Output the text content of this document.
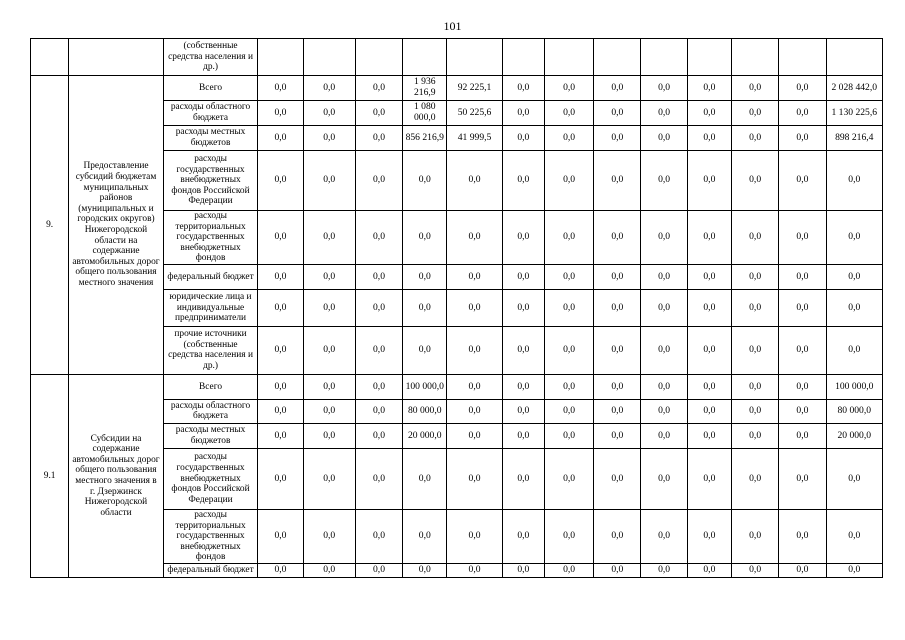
101
		(собственные средства населения и др.)													
9.	Предоставление субсидий бюджетам муниципальных районов (муниципальных и городских округов) Нижегородской области на содержание автомобильных дорог общего пользования местного значения	Всего	0,0	0,0	0,0	1 936 216,9	92 225,1	0,0	0,0	0,0	0,0	0,0	0,0	0,0	2 028 442,0
		расходы областного бюджета	0,0	0,0	0,0	1 080 000,0	50 225,6	0,0	0,0	0,0	0,0	0,0	0,0	0,0	1 130 225,6
		расходы местных бюджетов	0,0	0,0	0,0	856 216,9	41 999,5	0,0	0,0	0,0	0,0	0,0	0,0	0,0	898 216,4
		расходы государственных внебюджетных фондов Российской Федерации	0,0	0,0	0,0	0,0	0,0	0,0	0,0	0,0	0,0	0,0	0,0	0,0	0,0
		расходы территориальных государственных внебюджетных фондов	0,0	0,0	0,0	0,0	0,0	0,0	0,0	0,0	0,0	0,0	0,0	0,0	0,0
		федеральный бюджет	0,0	0,0	0,0	0,0	0,0	0,0	0,0	0,0	0,0	0,0	0,0	0,0	0,0
		юридические лица и индивидуальные предприниматели	0,0	0,0	0,0	0,0	0,0	0,0	0,0	0,0	0,0	0,0	0,0	0,0	0,0
		прочие источники (собственные средства населения и др.)	0,0	0,0	0,0	0,0	0,0	0,0	0,0	0,0	0,0	0,0	0,0	0,0	0,0
9.1	Субсидии на содержание автомобильных дорог общего пользования местного значения в г. Дзержинск Нижегородской области	Всего	0,0	0,0	0,0	100 000,0	0,0	0,0	0,0	0,0	0,0	0,0	0,0	0,0	100 000,0
		расходы областного бюджета	0,0	0,0	0,0	80 000,0	0,0	0,0	0,0	0,0	0,0	0,0	0,0	0,0	80 000,0
		расходы местных бюджетов	0,0	0,0	0,0	20 000,0	0,0	0,0	0,0	0,0	0,0	0,0	0,0	0,0	20 000,0
		расходы государственных внебюджетных фондов Российской Федерации	0,0	0,0	0,0	0,0	0,0	0,0	0,0	0,0	0,0	0,0	0,0	0,0	0,0
		расходы территориальных государственных внебюджетных фондов	0,0	0,0	0,0	0,0	0,0	0,0	0,0	0,0	0,0	0,0	0,0	0,0	0,0
		федеральный бюджет	0,0	0,0	0,0	0,0	0,0	0,0	0,0	0,0	0,0	0,0	0,0	0,0	0,0
